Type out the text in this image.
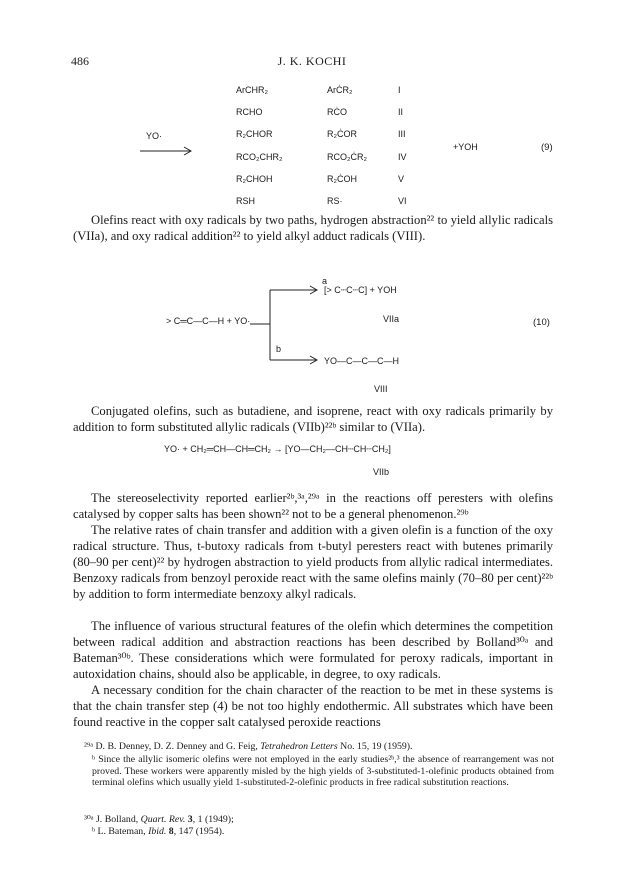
486	J. K. KOCHI
YO·
ArCHR₂
RCHO
R₂CHOR
RCO₂CHR₂
R₂CHOH
RSH
ArĊR₂
RĊO
R₂ĊOR
RCO₂ĊR₂
R₂ĊOH
RS·
I
II
III
IV
V
VI
+YOH	(9)
Olefins react with oxy radicals by two paths, hydrogen abstraction²² to yield allylic radicals (VIIa), and oxy radical addition²² to yield alkyl adduct radicals (VIII).
> C═C—C—H + YO·
a
b
[> C┄C┄C] + YOH
VIIa
YO—C—C—C—H
VIII
(10)
Conjugated olefins, such as butadiene, and isoprene, react with oxy radicals primarily by addition to form substituted allylic radicals (VIIb)²²ᵇ similar to (VIIa).
YO· + CH₂═CH—CH═CH₂ → [YO—CH₂—CH┄CH┄CH₂]
VIIb
The stereoselectivity reported earlier²ᵇ,³ᵃ,²⁹ᵃ in the reactions off peresters with olefins catalysed by copper salts has been shown²² not to be a general phenomenon.²⁹ᵇ
The relative rates of chain transfer and addition with a given olefin is a function of the oxy radical structure. Thus, t-butoxy radicals from t-butyl peresters react with butenes primarily (80–90 per cent)²² by hydrogen abstraction to yield products from allylic radical intermediates. Benzoxy radicals from benzoyl peroxide react with the same olefins mainly (70–80 per cent)²²ᵇ by addition to form intermediate benzoxy alkyl radicals.
The influence of various structural features of the olefin which determines the competition between radical addition and abstraction reactions has been described by Bolland³⁰ᵃ and Bateman³⁰ᵇ. These considerations which were formulated for peroxy radicals, important in autoxidation chains, should also be applicable, in degree, to oxy radicals.
A necessary condition for the chain character of the reaction to be met in these systems is that the chain transfer step (4) be not too highly endothermic. All substrates which have been found reactive in the copper salt catalysed peroxide reactions
²⁹ᵃ D. B. Denney, D. Z. Denney and G. Feig, Tetrahedron Letters No. 15, 19 (1959).
ᵇ Since the allylic isomeric olefins were not employed in the early studies²ᵇ,³ the absence of rearrangement was not proved. These workers were apparently misled by the high yields of 3-substituted-1-olefinic products obtained from terminal olefins which usually yield 1-substituted-2-olefinic products in free radical substitution reactions.
³⁰ᵃ J. Bolland, Quart. Rev. 3, 1 (1949);
ᵇ L. Bateman, Ibid. 8, 147 (1954).
